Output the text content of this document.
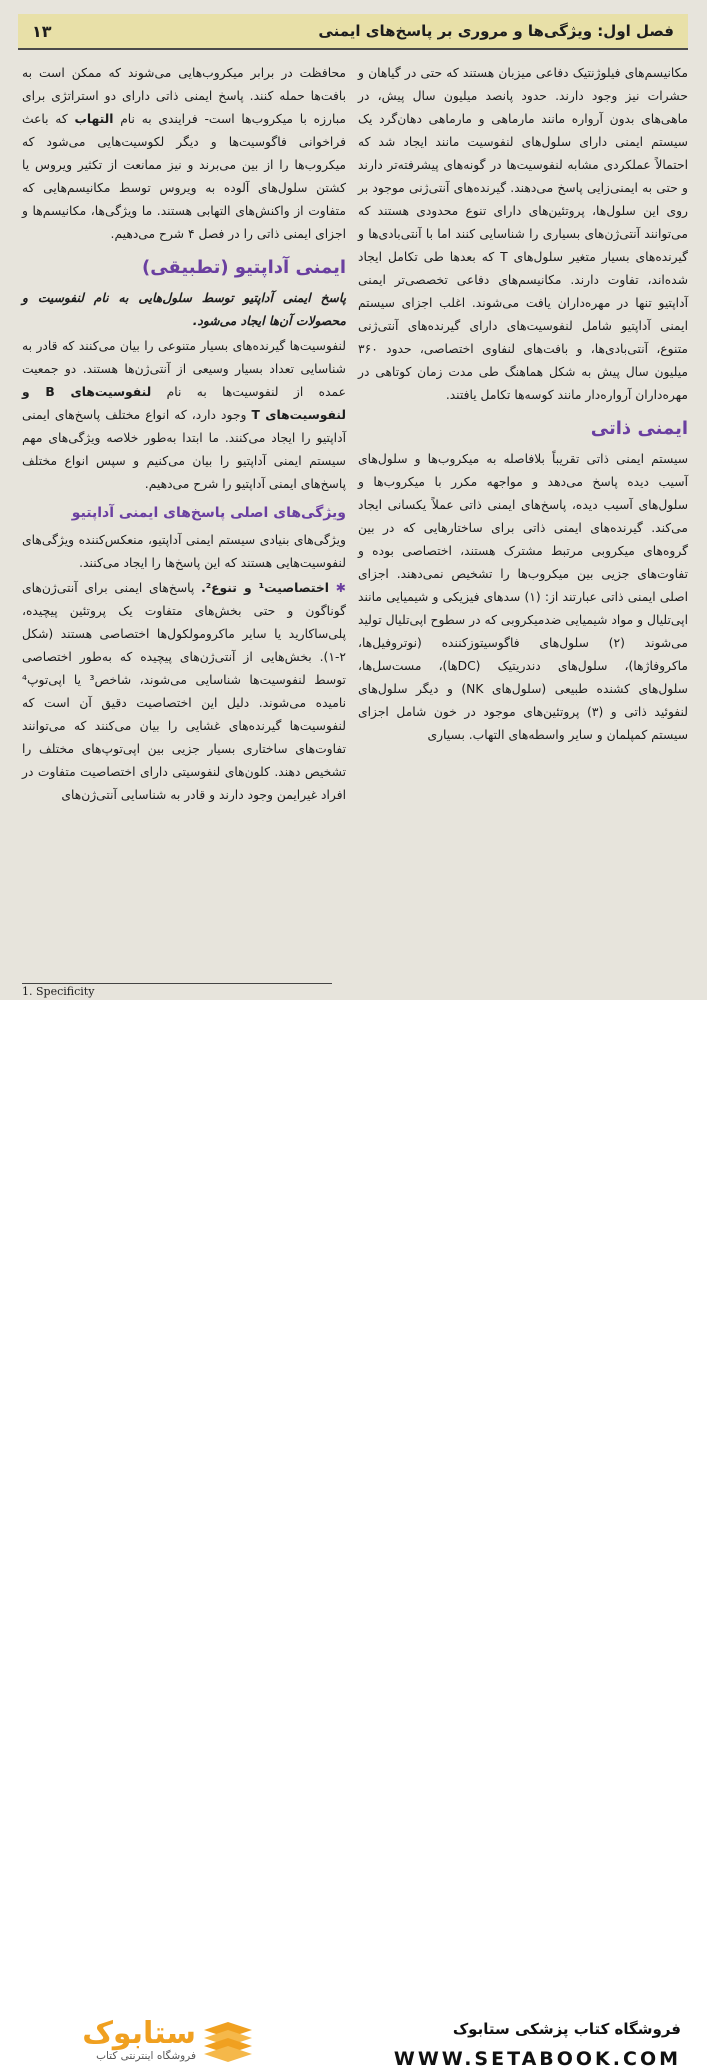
فصل اول: ویژگی‌ها و مروری بر پاسخ‌های ایمنی
۱۳

مکانیسم‌های فیلوژنتیک دفاعی میزبان هستند که حتی در گیاهان و حشرات نیز وجود دارند. حدود پانصد میلیون سال پیش، در ماهی‌های بدون آرواره مانند مارماهی و مارماهی دهان‌گرد یک سیستم ایمنی دارای سلول‌های لنفوسیت مانند ایجاد شد که احتمالاً عملکردی مشابه لنفوسیت‌ها در گونه‌های پیشرفته‌تر دارند و حتی به ایمنی‌زایی پاسخ می‌دهند. گیرنده‌های آنتی‌ژنی موجود بر روی این سلول‌ها، پروتئین‌های دارای تنوع محدودی هستند که می‌توانند آنتی‌ژن‌های بسیاری را شناسایی کنند اما با آنتی‌بادی‌ها و گیرنده‌های بسیار متغیر سلول‌های T که بعدها طی تکامل ایجاد شده‌اند، تفاوت دارند. مکانیسم‌های دفاعی تخصصی‌تر ایمنی آداپتیو تنها در مهره‌داران یافت می‌شوند. اغلب اجزای سیستم ایمنی آداپتیو شامل لنفوسیت‌های دارای گیرنده‌های آنتی‌ژنی متنوع، آنتی‌بادی‌ها، و بافت‌های لنفاوی اختصاصی، حدود ۳۶۰ میلیون سال پیش به شکل هماهنگ طی مدت زمان کوتاهی در مهره‌داران آرواره‌دار مانند کوسه‌ها تکامل یافتند.

ایمنی ذاتی

سیستم ایمنی ذاتی تقریباً بلافاصله به میکروب‌ها و سلول‌های آسیب دیده پاسخ می‌دهد و مواجهه مکرر با میکروب‌ها و سلول‌های آسیب دیده، پاسخ‌های ایمنی ذاتی عملاً یکسانی ایجاد می‌کند. گیرنده‌های ایمنی ذاتی برای ساختارهایی که در بین گروه‌های میکروبی مرتبط مشترک هستند، اختصاصی بوده و تفاوت‌های جزیی بین میکروب‌ها را تشخیص نمی‌دهند. اجزای اصلی ایمنی ذاتی عبارتند از: (۱) سدهای فیزیکی و شیمیایی مانند اپی‌تلیال و مواد شیمیایی ضدمیکروبی که در سطوح اپی‌تلیال تولید می‌شوند (۲) سلول‌های فاگوسیتوزکننده (نوتروفیل‌ها، ماکروفاژها)، سلول‌های دندریتیک (DCها)، مست‌سل‌ها، سلول‌های کشنده طبیعی (سلول‌های NK) و دیگر سلول‌های لنفوئید ذاتی و (۳) پروتئین‌های موجود در خون شامل اجزای سیستم کمپلمان و سایر واسطه‌های التهاب. بسیاری

محافظت در برابر میکروب‌هایی می‌شوند که ممکن است به بافت‌ها حمله کنند. پاسخ ایمنی ذاتی دارای دو استراتژی برای مبارزه با میکروب‌ها است- فرایندی به نام التهاب که باعث فراخوانی فاگوسیت‌ها و دیگر لکوسیت‌هایی می‌شود که میکروب‌ها را از بین می‌برند و نیز ممانعت از تکثیر ویروس یا کشتن سلول‌های آلوده به ویروس توسط مکانیسم‌هایی که متفاوت از واکنش‌های التهابی هستند. ما ویژگی‌ها، مکانیسم‌ها و اجزای ایمنی ذاتی را در فصل ۴ شرح می‌دهیم.

ایمنی آداپتیو (تطبیقی)

پاسخ ایمنی آداپتیو توسط سلول‌هایی به نام لنفوسیت و محصولات آن‌ها ایجاد می‌شود.

لنفوسیت‌ها گیرنده‌های بسیار متنوعی را بیان می‌کنند که قادر به شناسایی تعداد بسیار وسیعی از آنتی‌ژن‌ها هستند. دو جمعیت عمده از لنفوسیت‌ها به نام لنفوسیت‌های B و لنفوسیت‌های T وجود دارد، که انواع مختلف پاسخ‌های ایمنی آداپتیو را ایجاد می‌کنند. ما ابتدا به‌طور خلاصه ویژگی‌های مهم سیستم ایمنی آداپتیو را بیان می‌کنیم و سپس انواع مختلف پاسخ‌های ایمنی آداپتیو را شرح می‌دهیم.

ویژگی‌های اصلی پاسخ‌های ایمنی آداپتیو

ویژگی‌های بنیادی سیستم ایمنی آداپتیو، منعکس‌کننده ویژگی‌های لنفوسیت‌هایی هستند که این پاسخ‌ها را ایجاد می‌کنند.

✱ اختصاصیت¹ و تنوع². پاسخ‌های ایمنی برای آنتی‌ژن‌های گوناگون و حتی بخش‌های متفاوت یک پروتئین پیچیده، پلی‌ساکارید یا سایر ماکرومولکول‌ها اختصاصی هستند (شکل ۲-۱). بخش‌هایی از آنتی‌ژن‌های پیچیده که به‌طور اختصاصی توسط لنفوسیت‌ها شناسایی می‌شوند، شاخص³ یا اپی‌توپ⁴ نامیده می‌شوند. دلیل این اختصاصیت دقیق آن است که لنفوسیت‌ها گیرنده‌های غشایی را بیان می‌کنند که می‌توانند تفاوت‌های ساختاری بسیار جزیی بین اپی‌توپ‌های مختلف را تشخیص دهند. کلون‌های لنفوسیتی دارای اختصاصیت متفاوت در افراد غیرایمن وجود دارند و قادر به شناسایی آنتی‌ژن‌های

1. Specificity
ستابوک
فروشگاه اینترنتی کتاب
فروشگاه کتاب پزشکی ستابوک
WWW.SETABOOK.COM
